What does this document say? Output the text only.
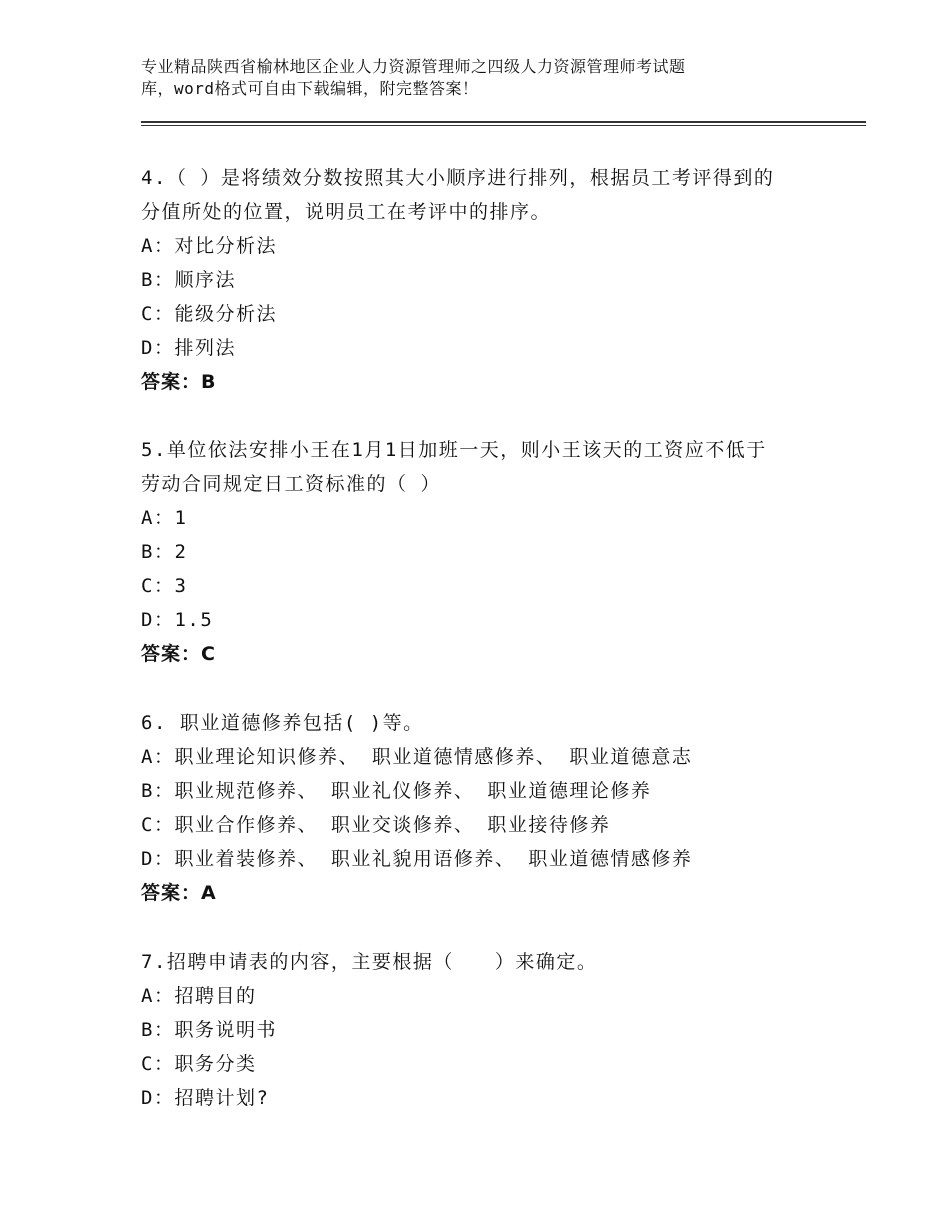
专业精品陕西省榆林地区企业人力资源管理师之四级人力资源管理师考试题
库，word格式可自由下载编辑，附完整答案！
4.（ ）是将绩效分数按照其大小顺序进行排列，根据员工考评得到的
分值所处的位置，说明员工在考评中的排序。
A：对比分析法
B：顺序法
C：能级分析法
D：排列法
答案：B
5.单位依法安排小王在1月1日加班一天，则小王该天的工资应不低于
劳动合同规定日工资标准的（ ）
A：1
B：2
C：3
D：1.5
答案：C
6. 职业道德修养包括( )等。
A：职业理论知识修养、 职业道德情感修养、 职业道德意志
B：职业规范修养、 职业礼仪修养、 职业道德理论修养
C：职业合作修养、 职业交谈修养、 职业接待修养
D：职业着装修养、 职业礼貌用语修养、 职业道德情感修养
答案：A
7.招聘申请表的内容，主要根据（　　）来确定。
A：招聘目的
B：职务说明书
C：职务分类
D：招聘计划?
